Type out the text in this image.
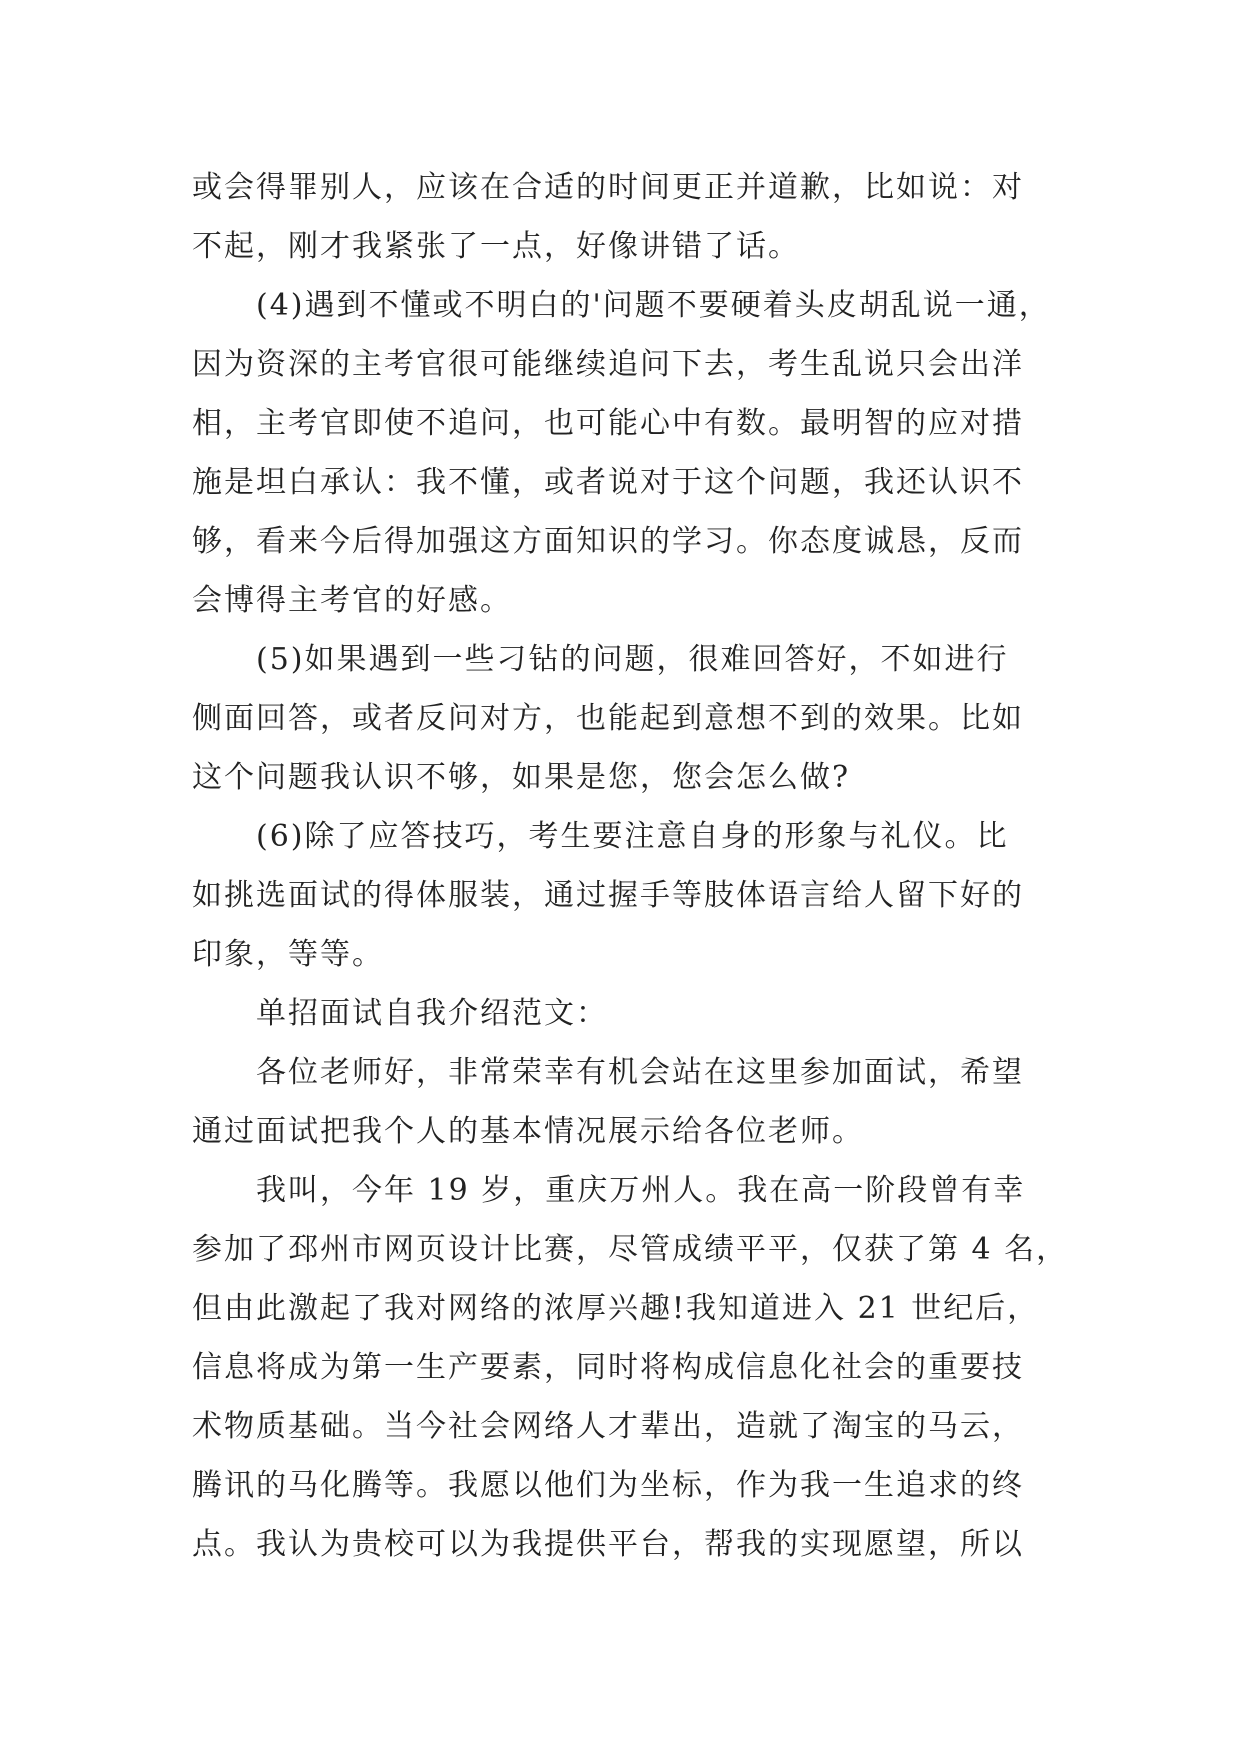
或会得罪别人，应该在合适的时间更正并道歉，比如说：对
不起，刚才我紧张了一点，好像讲错了话。
　　(4)遇到不懂或不明白的'问题不要硬着头皮胡乱说一通，
因为资深的主考官很可能继续追问下去，考生乱说只会出洋
相，主考官即使不追问，也可能心中有数。最明智的应对措
施是坦白承认：我不懂，或者说对于这个问题，我还认识不
够，看来今后得加强这方面知识的学习。你态度诚恳，反而
会博得主考官的好感。
　　(5)如果遇到一些刁钻的问题，很难回答好，不如进行
侧面回答，或者反问对方，也能起到意想不到的效果。比如
这个问题我认识不够，如果是您，您会怎么做?
　　(6)除了应答技巧，考生要注意自身的形象与礼仪。比
如挑选面试的得体服装，通过握手等肢体语言给人留下好的
印象，等等。
　　单招面试自我介绍范文：
　　各位老师好，非常荣幸有机会站在这里参加面试，希望
通过面试把我个人的基本情况展示给各位老师。
　　我叫，今年 19 岁，重庆万州人。我在高一阶段曾有幸
参加了邳州市网页设计比赛，尽管成绩平平，仅获了第 4 名，
但由此激起了我对网络的浓厚兴趣!我知道进入 21 世纪后，
信息将成为第一生产要素，同时将构成信息化社会的重要技
术物质基础。当今社会网络人才辈出，造就了淘宝的马云，
腾讯的马化腾等。我愿以他们为坐标，作为我一生追求的终
点。我认为贵校可以为我提供平台，帮我的实现愿望，所以
